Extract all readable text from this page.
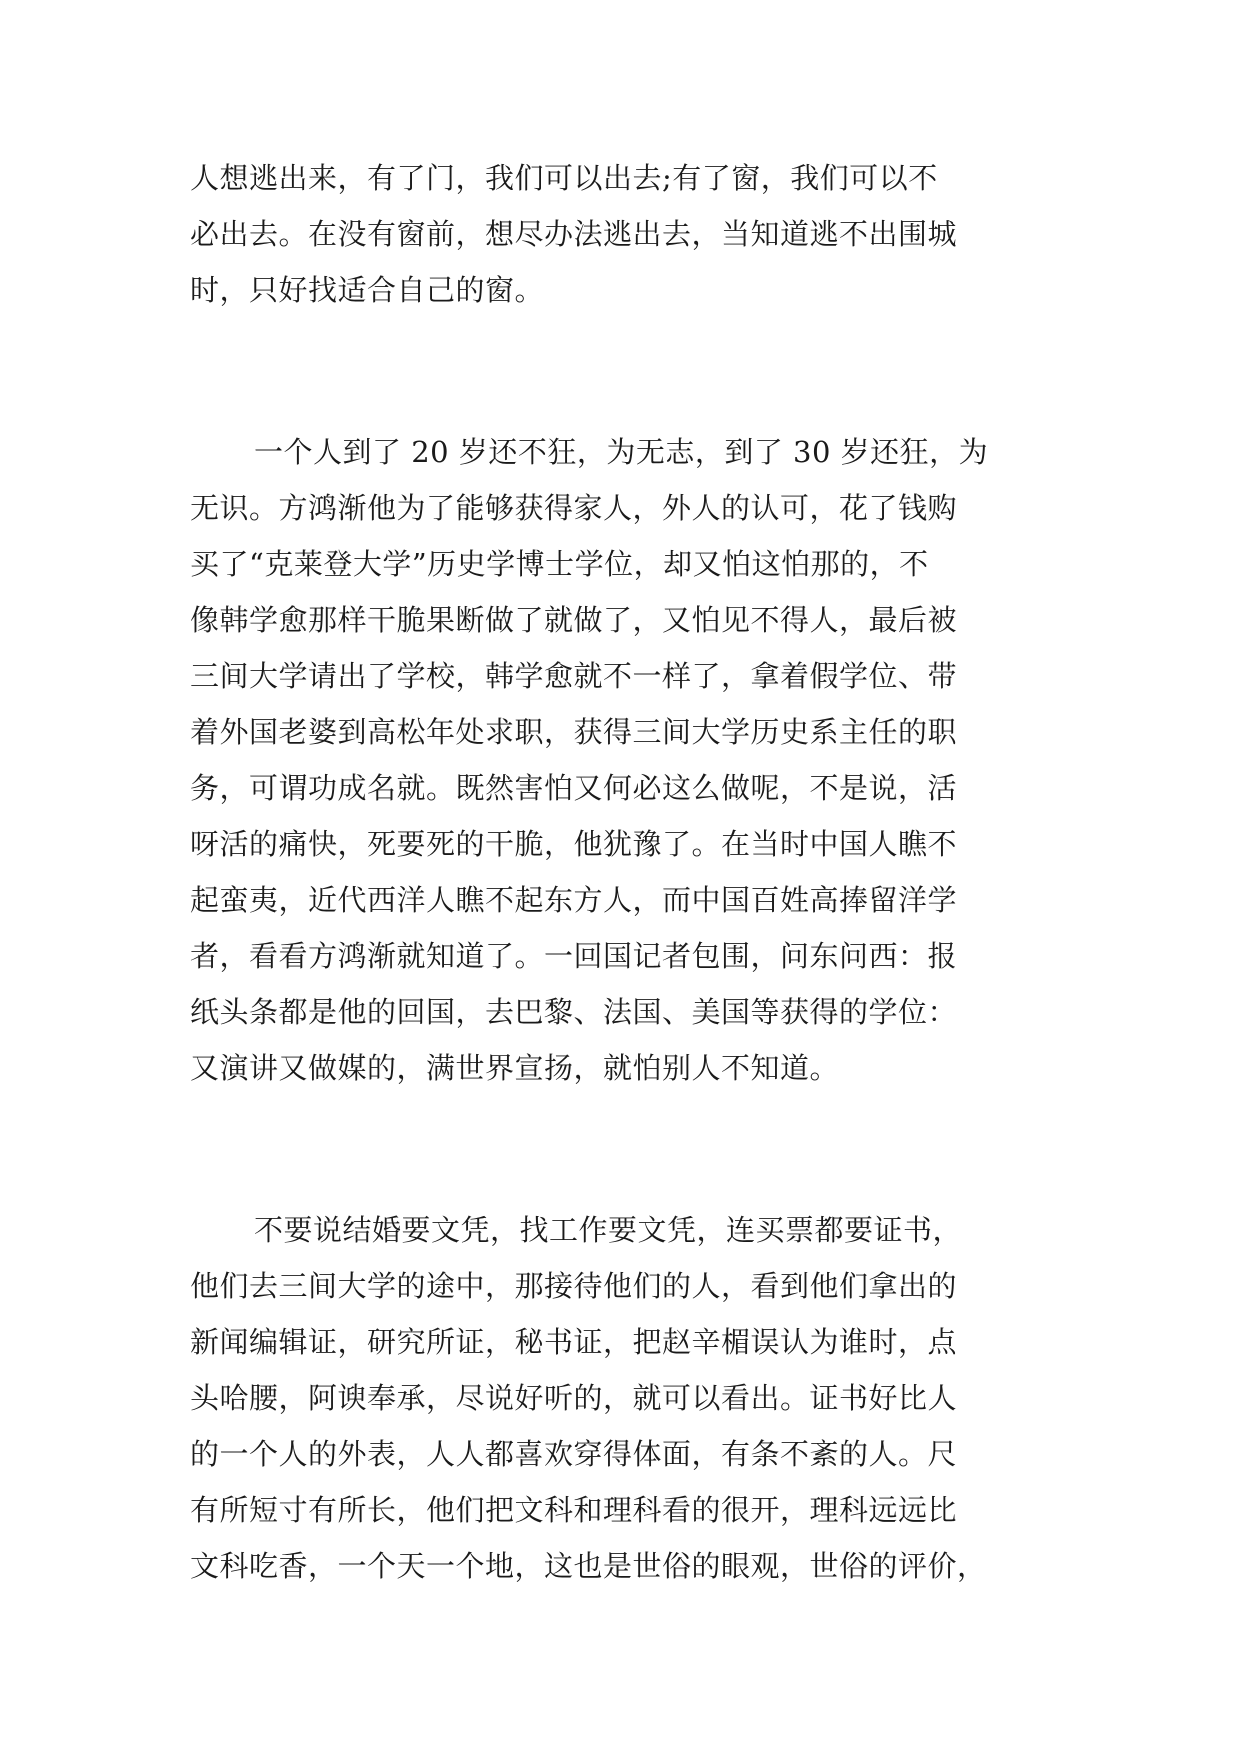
人想逃出来，有了门，我们可以出去;有了窗，我们可以不
必出去。在没有窗前，想尽办法逃出去，当知道逃不出围城
时，只好找适合自己的窗。
一个人到了 20 岁还不狂，为无志，到了 30 岁还狂，为
无识。方鸿渐他为了能够获得家人，外人的认可，花了钱购
买了“克莱登大学”历史学博士学位，却又怕这怕那的，不
像韩学愈那样干脆果断做了就做了，又怕见不得人，最后被
三间大学请出了学校，韩学愈就不一样了，拿着假学位、带
着外国老婆到高松年处求职，获得三间大学历史系主任的职
务，可谓功成名就。既然害怕又何必这么做呢，不是说，活
呀活的痛快，死要死的干脆，他犹豫了。在当时中国人瞧不
起蛮夷，近代西洋人瞧不起东方人，而中国百姓高捧留洋学
者，看看方鸿渐就知道了。一回国记者包围，问东问西：报
纸头条都是他的回国，去巴黎、法国、美国等获得的学位：
又演讲又做媒的，满世界宣扬，就怕别人不知道。
不要说结婚要文凭，找工作要文凭，连买票都要证书，
他们去三间大学的途中，那接待他们的人，看到他们拿出的
新闻编辑证，研究所证，秘书证，把赵辛楣误认为谁时，点
头哈腰，阿谀奉承，尽说好听的，就可以看出。证书好比人
的一个人的外表，人人都喜欢穿得体面，有条不紊的人。尺
有所短寸有所长，他们把文科和理科看的很开，理科远远比
文科吃香，一个天一个地，这也是世俗的眼观，世俗的评价，
